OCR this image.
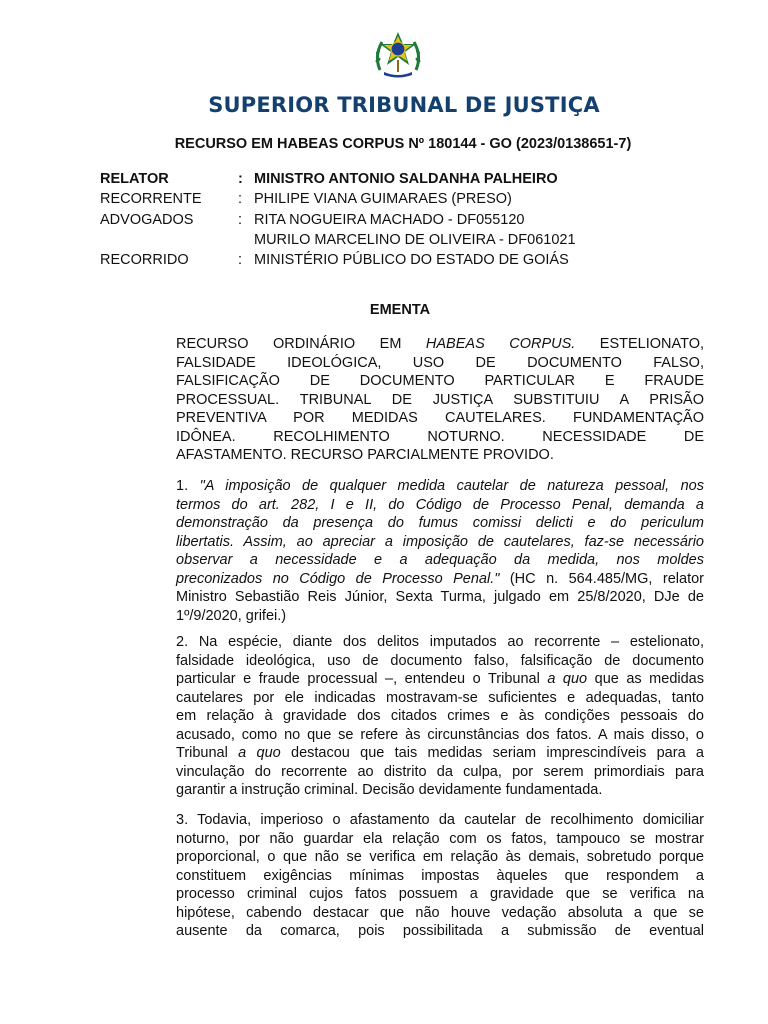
SUPERIOR TRIBUNAL DE JUSTIÇA
RECURSO EM HABEAS CORPUS Nº 180144 - GO (2023/0138651-7)
RELATOR	: MINISTRO ANTONIO SALDANHA PALHEIRO
RECORRENTE	: PHILIPE VIANA GUIMARAES (PRESO)
ADVOGADOS	: RITA NOGUEIRA MACHADO - DF055120
MURILO MARCELINO DE OLIVEIRA - DF061021
RECORRIDO	: MINISTÉRIO PÚBLICO DO ESTADO DE GOIÁS
EMENTA
RECURSO ORDINÁRIO EM HABEAS CORPUS. ESTELIONATO,
FALSIDADE IDEOLÓGICA, USO DE DOCUMENTO FALSO,
FALSIFICAÇÃO DE DOCUMENTO PARTICULAR E FRAUDE
PROCESSUAL. TRIBUNAL DE JUSTIÇA SUBSTITUIU A PRISÃO
PREVENTIVA POR MEDIDAS CAUTELARES. FUNDAMENTAÇÃO
IDÔNEA. RECOLHIMENTO NOTURNO. NECESSIDADE DE
AFASTAMENTO. RECURSO PARCIALMENTE PROVIDO.
1. "A imposição de qualquer medida cautelar de natureza pessoal, nos
termos do art. 282, I e II, do Código de Processo Penal, demanda a
demonstração da presença do fumus comissi delicti e do periculum
libertatis. Assim, ao apreciar a imposição de cautelares, faz-se necessário
observar a necessidade e a adequação da medida, nos moldes
preconizados no Código de Processo Penal." (HC n. 564.485/MG, relator
Ministro Sebastião Reis Júnior, Sexta Turma, julgado em 25/8/2020, DJe de
1º/9/2020, grifei.)
2. Na espécie, diante dos delitos imputados ao recorrente – estelionato,
falsidade ideológica, uso de documento falso, falsificação de documento
particular e fraude processual –, entendeu o Tribunal a quo que as medidas
cautelares por ele indicadas mostravam-se suficientes e adequadas, tanto
em relação à gravidade dos citados crimes e às condições pessoais do
acusado, como no que se refere às circunstâncias dos fatos. A mais disso, o
Tribunal a quo destacou que tais medidas seriam imprescindíveis para a
vinculação do recorrente ao distrito da culpa, por serem primordiais para
garantir a instrução criminal. Decisão devidamente fundamentada.
3. Todavia, imperioso o afastamento da cautelar de recolhimento domiciliar
noturno, por não guardar ela relação com os fatos, tampouco se mostrar
proporcional, o que não se verifica em relação às demais, sobretudo porque
constituem exigências mínimas impostas àqueles que respondem a
processo criminal cujos fatos possuem a gravidade que se verifica na
hipótese, cabendo destacar que não houve vedação absoluta a que se
ausente da comarca, pois possibilitada a submissão de eventual
